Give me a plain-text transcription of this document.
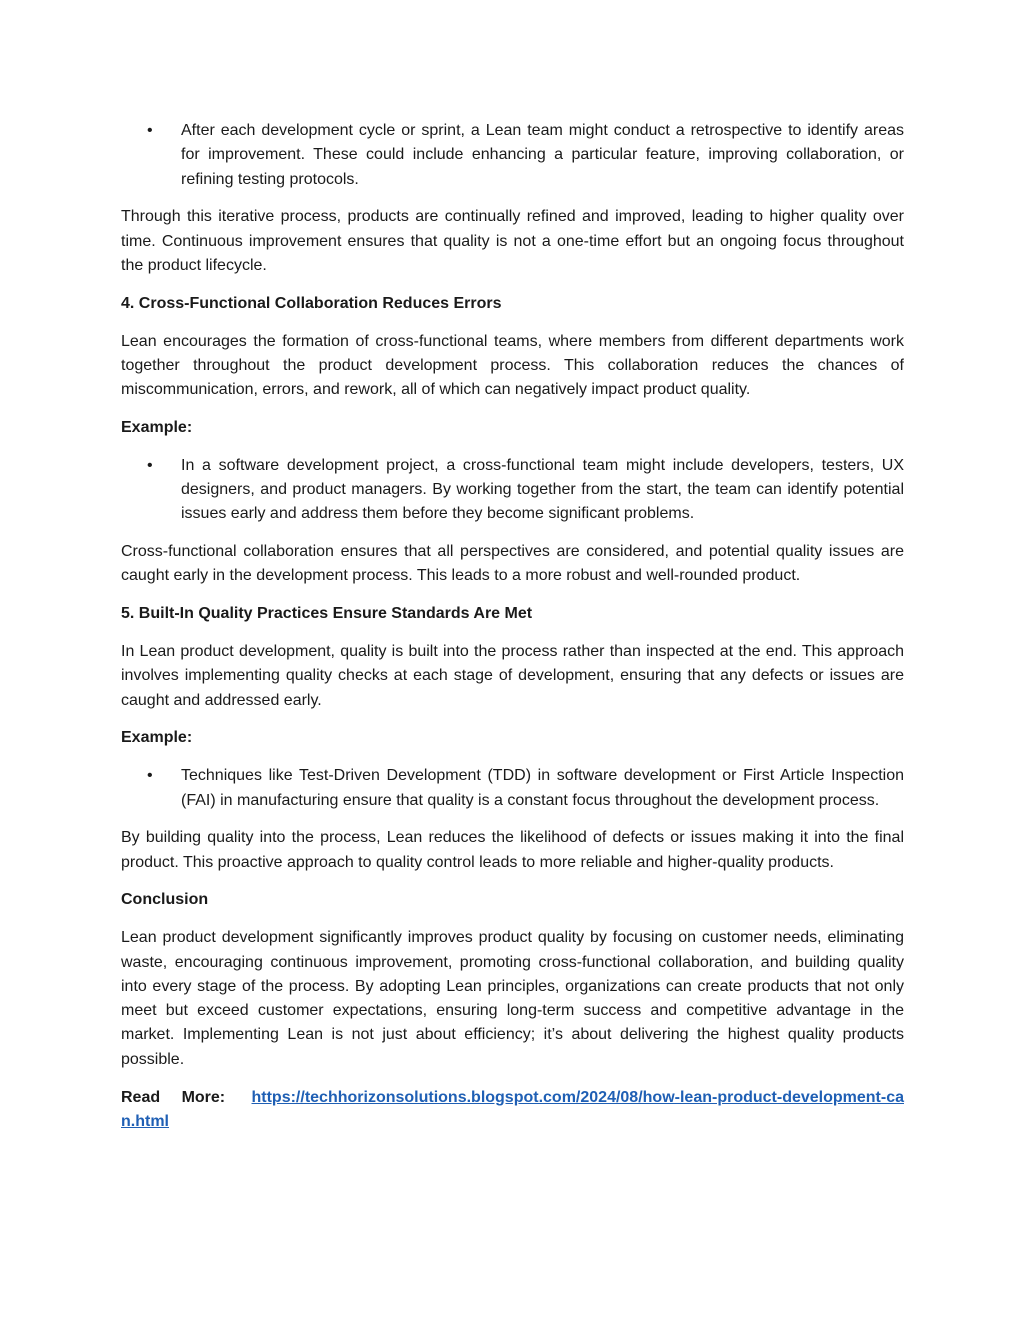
• After each development cycle or sprint, a Lean team might conduct a retrospective to identify areas for improvement. These could include enhancing a particular feature, improving collaboration, or refining testing protocols.

Through this iterative process, products are continually refined and improved, leading to higher quality over time. Continuous improvement ensures that quality is not a one-time effort but an ongoing focus throughout the product lifecycle.

4. Cross-Functional Collaboration Reduces Errors

Lean encourages the formation of cross-functional teams, where members from different departments work together throughout the product development process. This collaboration reduces the chances of miscommunication, errors, and rework, all of which can negatively impact product quality.

Example:

• In a software development project, a cross-functional team might include developers, testers, UX designers, and product managers. By working together from the start, the team can identify potential issues early and address them before they become significant problems.

Cross-functional collaboration ensures that all perspectives are considered, and potential quality issues are caught early in the development process. This leads to a more robust and well-rounded product.

5. Built-In Quality Practices Ensure Standards Are Met

In Lean product development, quality is built into the process rather than inspected at the end. This approach involves implementing quality checks at each stage of development, ensuring that any defects or issues are caught and addressed early.

Example:

• Techniques like Test-Driven Development (TDD) in software development or First Article Inspection (FAI) in manufacturing ensure that quality is a constant focus throughout the development process.

By building quality into the process, Lean reduces the likelihood of defects or issues making it into the final product. This proactive approach to quality control leads to more reliable and higher-quality products.

Conclusion

Lean product development significantly improves product quality by focusing on customer needs, eliminating waste, encouraging continuous improvement, promoting cross-functional collaboration, and building quality into every stage of the process. By adopting Lean principles, organizations can create products that not only meet but exceed customer expectations, ensuring long-term success and competitive advantage in the market. Implementing Lean is not just about efficiency; it’s about delivering the highest quality products possible.

Read More: https://techhorizonsolutions.blogspot.com/2024/08/how-lean-product-development-can.html
